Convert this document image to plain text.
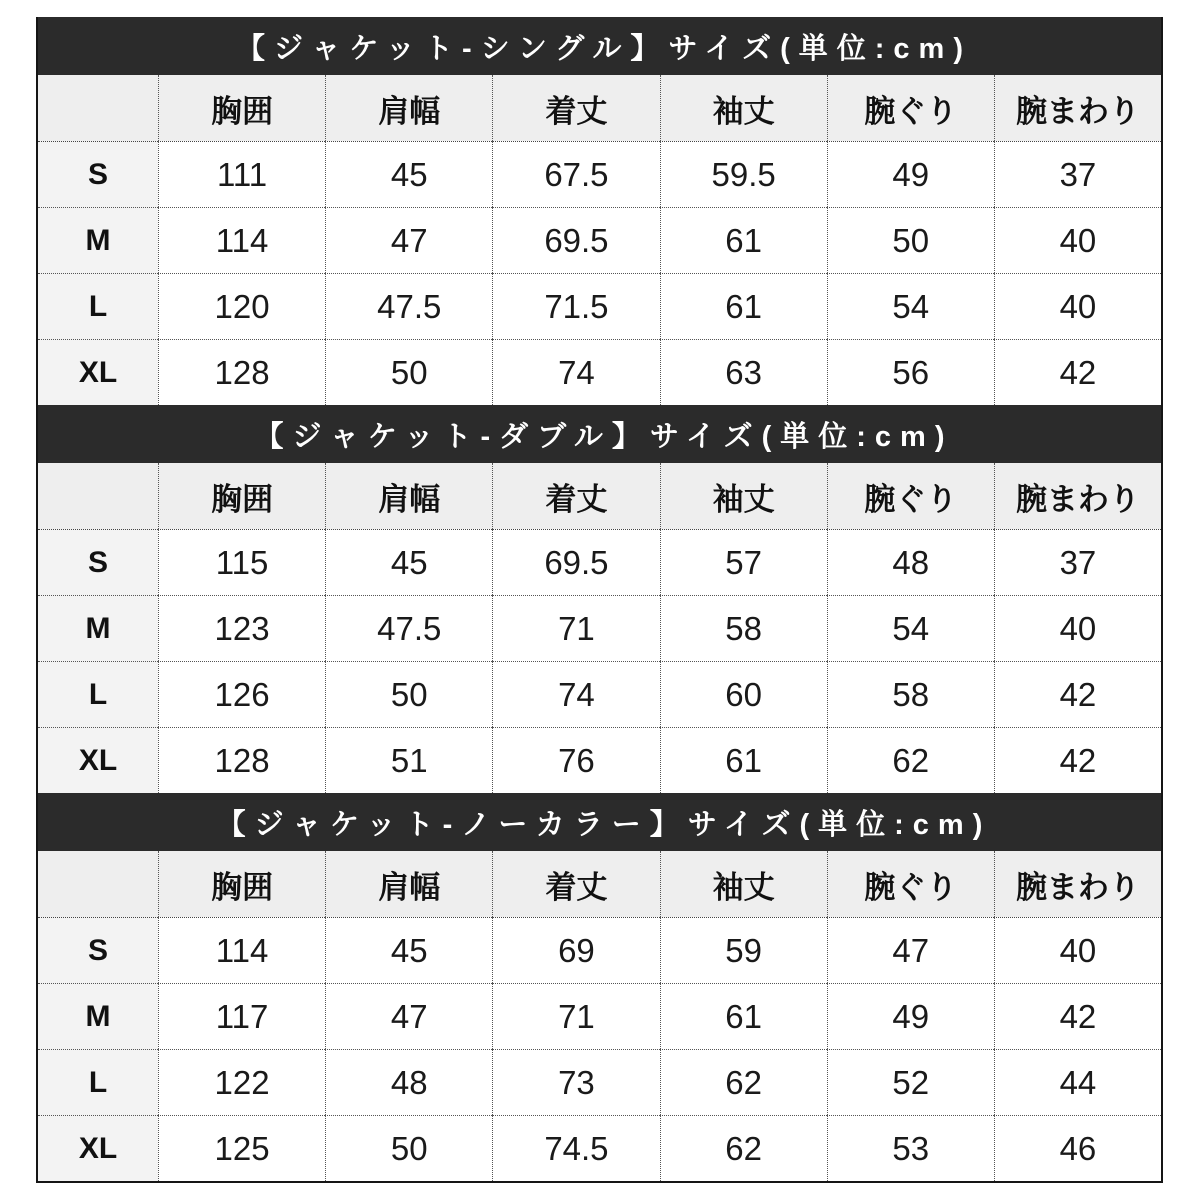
【ジャケット-シングル】サイズ(単位:cm)
胸囲	肩幅	着丈	袖丈	腕ぐり	腕まわり
S	111	45	67.5	59.5	49	37
M	114	47	69.5	61	50	40
L	120	47.5	71.5	61	54	40
XL	128	50	74	63	56	42
【ジャケット-ダブル】サイズ(単位:cm)
胸囲	肩幅	着丈	袖丈	腕ぐり	腕まわり
S	115	45	69.5	57	48	37
M	123	47.5	71	58	54	40
L	126	50	74	60	58	42
XL	128	51	76	61	62	42
【ジャケット-ノーカラー】サイズ(単位:cm)
胸囲	肩幅	着丈	袖丈	腕ぐり	腕まわり
S	114	45	69	59	47	40
M	117	47	71	61	49	42
L	122	48	73	62	52	44
XL	125	50	74.5	62	53	46
